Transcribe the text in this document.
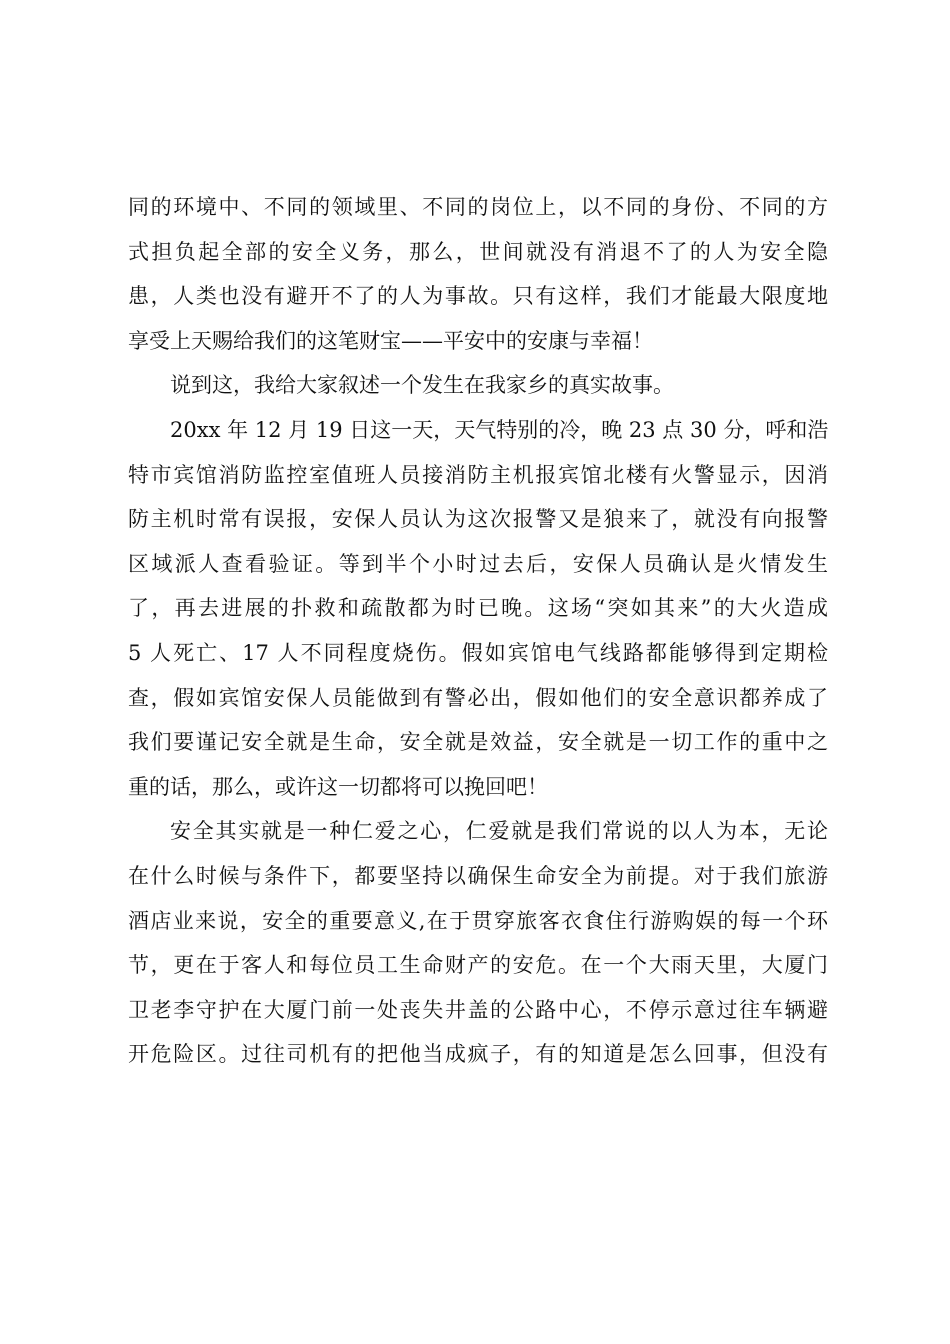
同的环境中、不同的领域里、不同的岗位上，以不同的身份、不同的方
式担负起全部的安全义务，那么，世间就没有消退不了的人为安全隐
患，人类也没有避开不了的人为事故。只有这样，我们才能最大限度地
享受上天赐给我们的这笔财宝——平安中的安康与幸福！
说到这，我给大家叙述一个发生在我家乡的真实故事。
20xx 年 12 月 19 日这一天，天气特别的冷，晚 23 点 30 分，呼和浩
特市宾馆消防监控室值班人员接消防主机报宾馆北楼有火警显示，因消
防主机时常有误报，安保人员认为这次报警又是狼来了，就没有向报警
区域派人查看验证。等到半个小时过去后，安保人员确认是火情发生
了，再去进展的扑救和疏散都为时已晚。这场“突如其来”的大火造成
5 人死亡、17 人不同程度烧伤。假如宾馆电气线路都能够得到定期检
查，假如宾馆安保人员能做到有警必出，假如他们的安全意识都养成了
我们要谨记安全就是生命，安全就是效益，安全就是一切工作的重中之
重的话，那么，或许这一切都将可以挽回吧！
安全其实就是一种仁爱之心，仁爱就是我们常说的以人为本，无论
在什么时候与条件下，都要坚持以确保生命安全为前提。对于我们旅游
酒店业来说，安全的重要意义,在于贯穿旅客衣食住行游购娱的每一个环
节，更在于客人和每位员工生命财产的安危。在一个大雨天里，大厦门
卫老李守护在大厦门前一处丧失井盖的公路中心，不停示意过往车辆避
开危险区。过往司机有的把他当成疯子，有的知道是怎么回事，但没有
